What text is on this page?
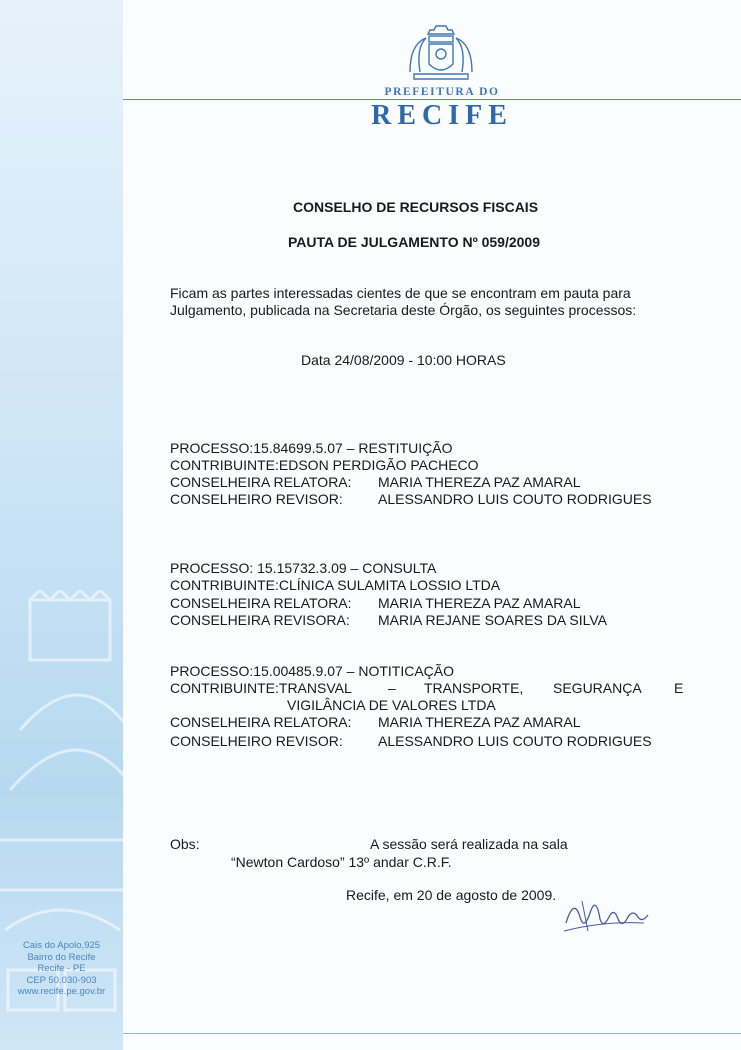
Cais do Apolo,925
Bairro do Recife
Recife - PE
CEP 50.030-903
www.recife.pe.gov.br
PREFEITURA DO
RECIFE
CONSELHO DE RECURSOS FISCAIS
PAUTA DE JULGAMENTO Nº 059/2009
Ficam as partes interessadas cientes de que se encontram em pauta para
Julgamento, publicada na Secretaria deste Órgão, os seguintes processos:
Data 24/08/2009 - 10:00 HORAS
PROCESSO:15.84699.5.07 – RESTITUIÇÃO
CONTRIBUINTE:EDSON PERDIGÃO PACHECO
CONSELHEIRA RELATORA: MARIA THEREZA PAZ AMARAL
CONSELHEIRO REVISOR:	ALESSANDRO LUIS COUTO RODRIGUES
PROCESSO: 15.15732.3.09 – CONSULTA
CONTRIBUINTE:CLÍNICA SULAMITA LOSSIO LTDA
CONSELHEIRA RELATORA: MARIA THEREZA PAZ AMARAL
CONSELHEIRA REVISORA: MARIA REJANE SOARES DA SILVA
PROCESSO:15.00485.9.07 – NOTITICAÇÃO
CONTRIBUINTE:TRANSVAL	– TRANSPORTE, SEGURANÇA E
VIGILÂNCIA DE VALORES LTDA
CONSELHEIRA RELATORA: MARIA THEREZA PAZ AMARAL
CONSELHEIRO REVISOR:	ALESSANDRO LUIS COUTO RODRIGUES
Obs:	A sessão será realizada na sala
“Newton Cardoso” 13º andar C.R.F.
Recife, em 20 de agosto de 2009.
